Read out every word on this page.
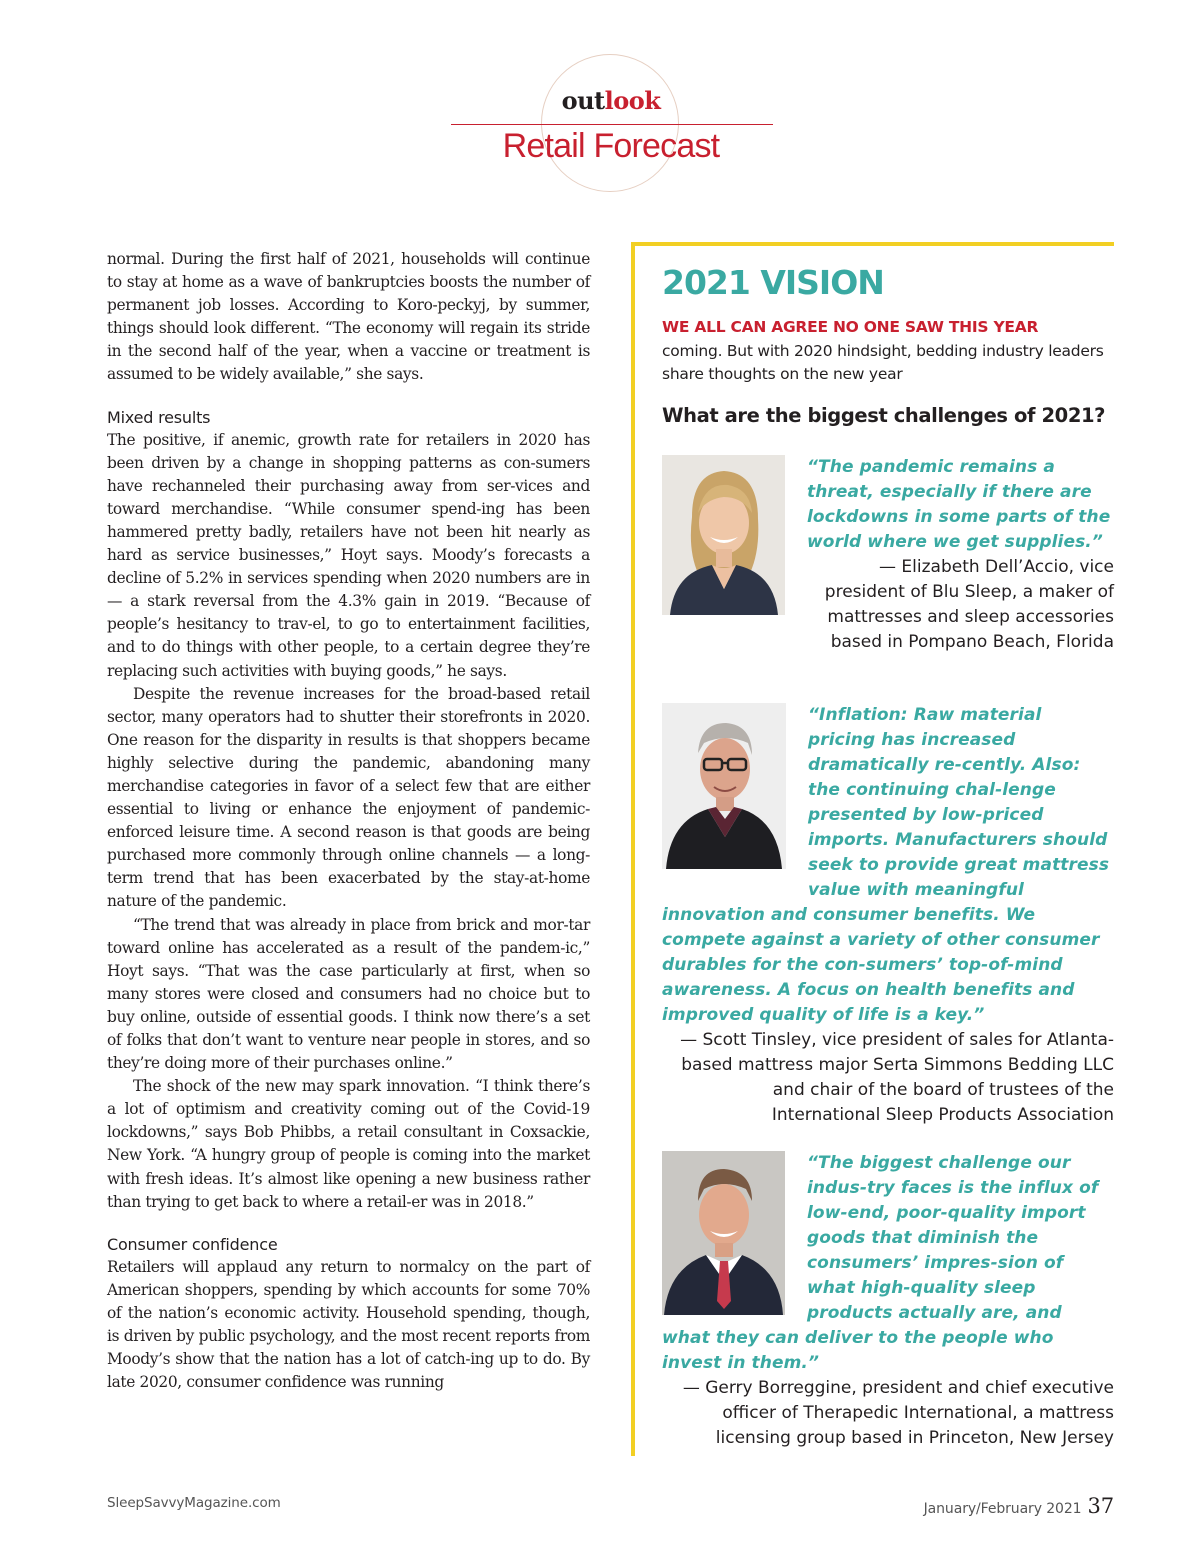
outlook
Retail Forecast

normal. During the first half of 2021, households will continue to stay at home as a wave of bankruptcies boosts the number of permanent job losses. According to Koro-peckyj, by summer, things should look different. “The economy will regain its stride in the second half of the year, when a vaccine or treatment is assumed to be widely available,” she says.

Mixed results

The positive, if anemic, growth rate for retailers in 2020 has been driven by a change in shopping patterns as con-sumers have rechanneled their purchasing away from ser-vices and toward merchandise. “While consumer spend-ing has been hammered pretty badly, retailers have not been hit nearly as hard as service businesses,” Hoyt says. Moody’s forecasts a decline of 5.2% in services spending when 2020 numbers are in — a stark reversal from the 4.3% gain in 2019. “Because of people’s hesitancy to trav-el, to go to entertainment facilities, and to do things with other people, to a certain degree they’re replacing such activities with buying goods,” he says.

Despite the revenue increases for the broad-based retail sector, many operators had to shutter their storefronts in 2020. One reason for the disparity in results is that shoppers became highly selective during the pandemic, abandoning many merchandise categories in favor of a select few that are either essential to living or enhance the enjoyment of pandemic-enforced leisure time. A second reason is that goods are being purchased more commonly through online channels — a long-term trend that has been exacerbated by the stay-at-home nature of the pandemic.

“The trend that was already in place from brick and mor-tar toward online has accelerated as a result of the pandem-ic,” Hoyt says. “That was the case particularly at first, when so many stores were closed and consumers had no choice but to buy online, outside of essential goods. I think now there’s a set of folks that don’t want to venture near people in stores, and so they’re doing more of their purchases online.”

The shock of the new may spark innovation. “I think there’s a lot of optimism and creativity coming out of the Covid-19 lockdowns,” says Bob Phibbs, a retail consultant in Coxsackie, New York. “A hungry group of people is coming into the market with fresh ideas. It’s almost like opening a new business rather than trying to get back to where a retail-er was in 2018.”

Consumer confidence

Retailers will applaud any return to normalcy on the part of American shoppers, spending by which accounts for some 70% of the nation’s economic activity. Household spending, though, is driven by public psychology, and the most recent reports from Moody’s show that the nation has a lot of catch-ing up to do. By late 2020, consumer confidence was running

2021 VISION
WE ALL CAN AGREE NO ONE SAW THIS YEAR
coming. But with 2020 hindsight, bedding industry leaders share thoughts on the new year
What are the biggest challenges of 2021?
“The pandemic remains a threat, especially if there are lockdowns in some parts of the world where we get supplies.”
— Elizabeth Dell’Accio, vice president of Blu Sleep, a maker of mattresses and sleep accessories based in Pompano Beach, Florida
“Inflation: Raw material pricing has increased dramatically re-cently. Also: the continuing chal-lenge presented by low-priced imports. Manufacturers should seek to provide great mattress value with meaningful innovation and consumer benefits. We compete against a variety of other consumer durables for the con-sumers’ top-of-mind awareness. A focus on health benefits and improved quality of life is a key.”
— Scott Tinsley, vice president of sales for Atlanta-based mattress major Serta Simmons Bedding LLC and chair of the board of trustees of the International Sleep Products Association
“The biggest challenge our indus-try faces is the influx of low-end, poor-quality import goods that diminish the consumers’ impres-sion of what high-quality sleep products actually are, and what they can deliver to the people who invest in them.”
— Gerry Borreggine, president and chief executive officer of Therapedic International, a mattress licensing group based in Princeton, New Jersey
SleepSavvyMagazine.com	January/February 2021 37
